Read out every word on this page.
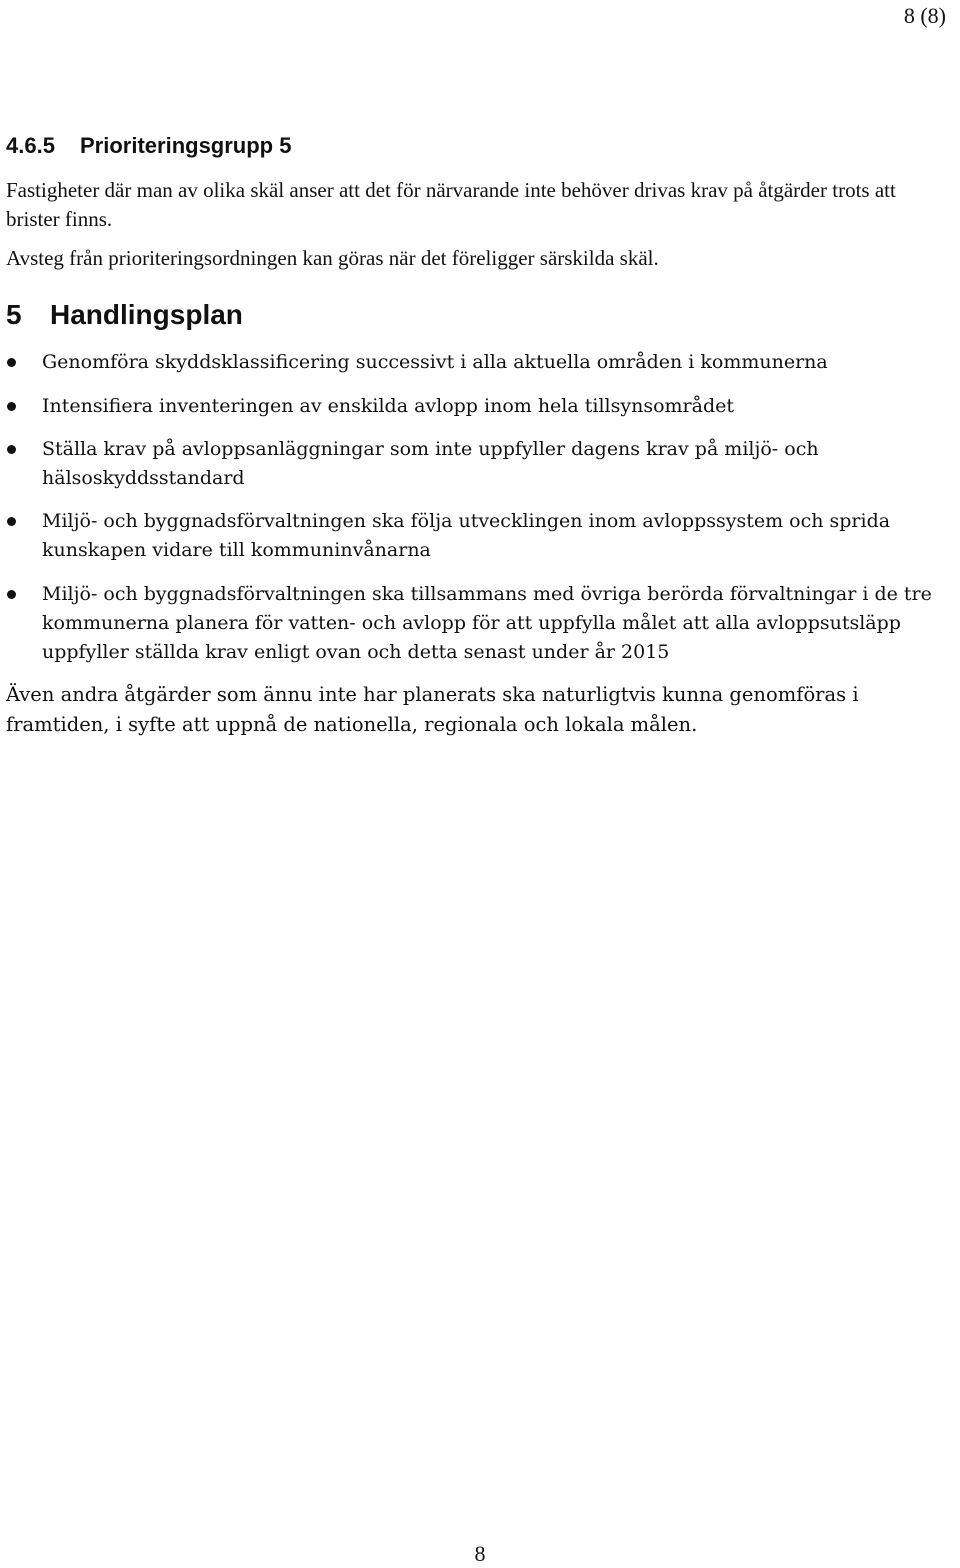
8 (8)
4.6.5 Prioriteringsgrupp 5
Fastigheter där man av olika skäl anser att det för närvarande inte behöver drivas krav på åtgärder trots att brister finns.
Avsteg från prioriteringsordningen kan göras när det föreligger särskilda skäl.
5 Handlingsplan
Genomföra skyddsklassificering successivt i alla aktuella områden i kommunerna
Intensifiera inventeringen av enskilda avlopp inom hela tillsynsområdet
Ställa krav på avloppsanläggningar som inte uppfyller dagens krav på miljö- och hälsoskyddsstandard
Miljö- och byggnadsförvaltningen ska följa utvecklingen inom avloppssystem och sprida kunskapen vidare till kommuninvånarna
Miljö- och byggnadsförvaltningen ska tillsammans med övriga berörda förvaltningar i de tre kommunerna planera för vatten- och avlopp för att uppfylla målet att alla avloppsutsläpp uppfyller ställda krav enligt ovan och detta senast under år 2015
Även andra åtgärder som ännu inte har planerats ska naturligtvis kunna genomföras i framtiden, i syfte att uppnå de nationella, regionala och lokala målen.
8
